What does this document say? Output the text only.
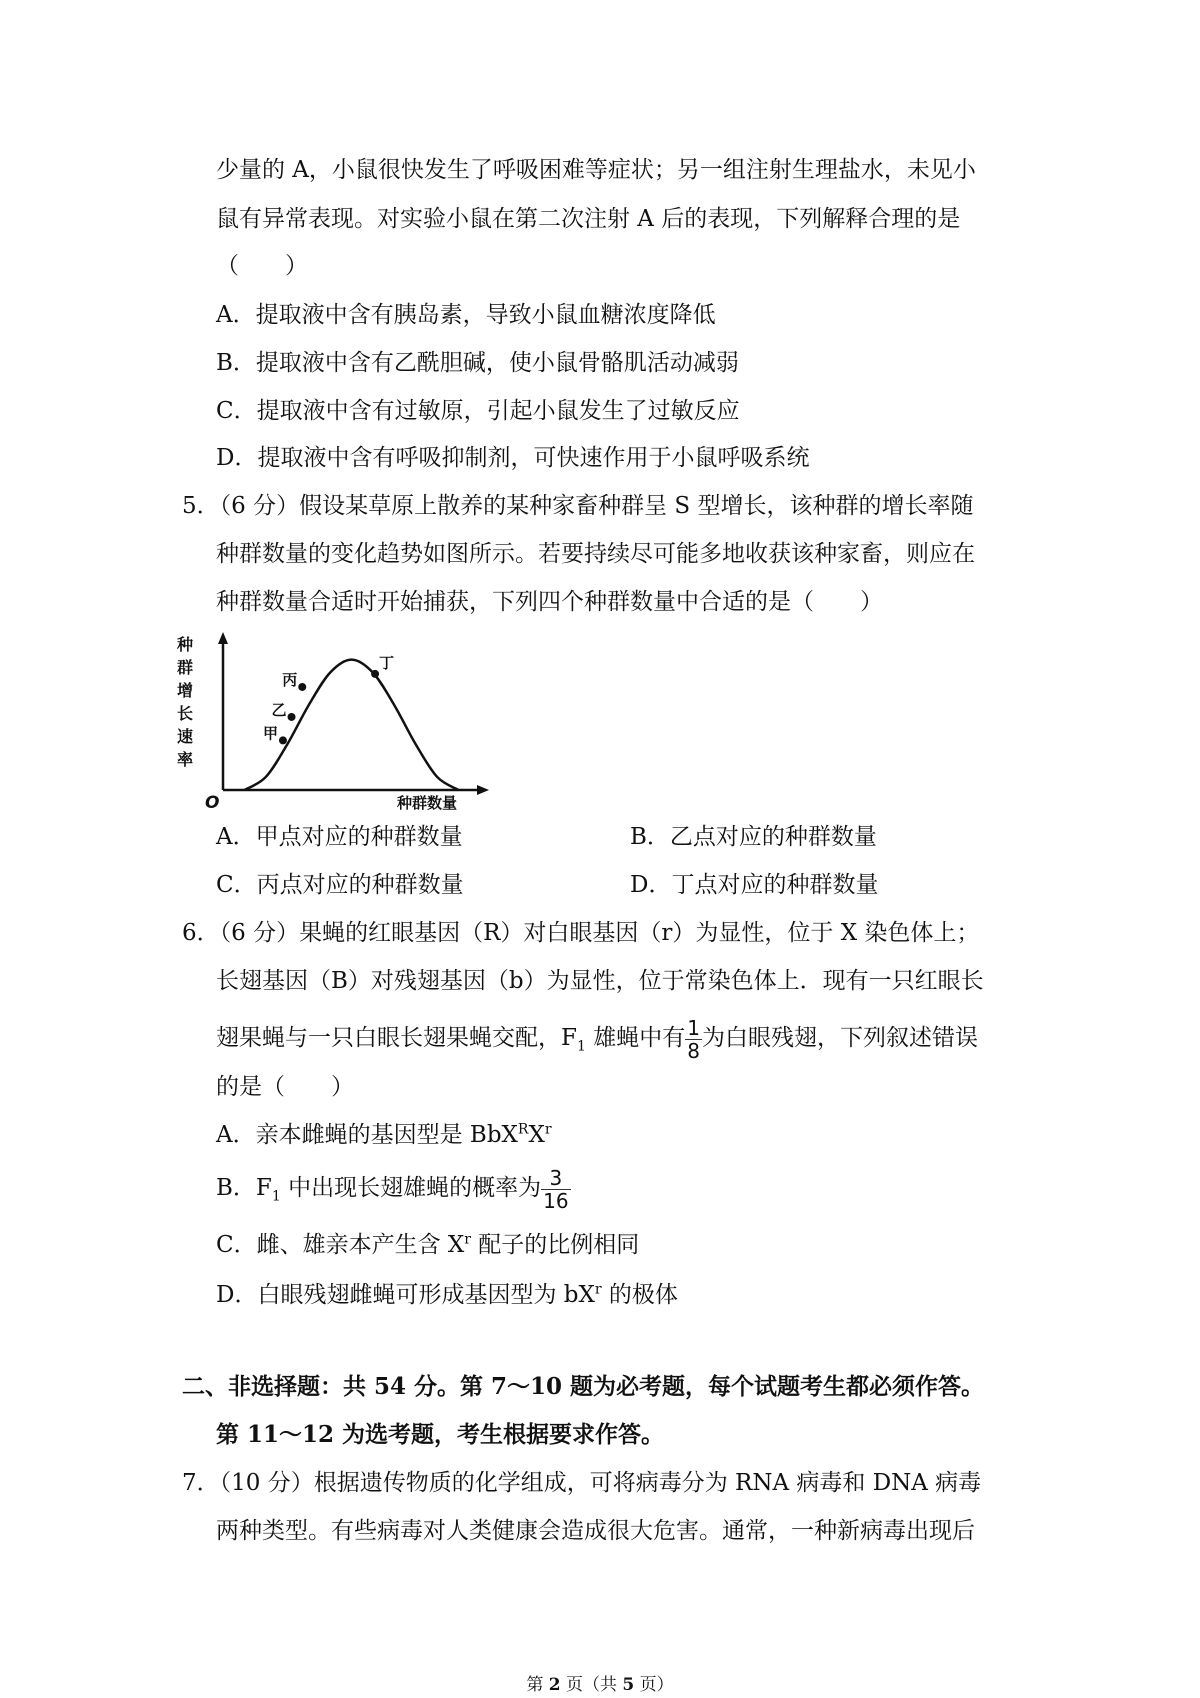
少量的 A，小鼠很快发生了呼吸困难等症状；另一组注射生理盐水，未见小
鼠有异常表现。对实验小鼠在第二次注射 A 后的表现，下列解释合理的是
（　　）
A．提取液中含有胰岛素，导致小鼠血糖浓度降低
B．提取液中含有乙酰胆碱，使小鼠骨骼肌活动减弱
C．提取液中含有过敏原，引起小鼠发生了过敏反应
D．提取液中含有呼吸抑制剂，可快速作用于小鼠呼吸系统
5．（6 分）假设某草原上散养的某种家畜种群呈 S 型增长，该种群的增长率随
种群数量的变化趋势如图所示。若要持续尽可能多地收获该种家畜，则应在
种群数量合适时开始捕获，下列四个种群数量中合适的是（　　）
种
群
增
长
速
率
甲
乙
丙
丁
O	种群数量
A．甲点对应的种群数量	B．乙点对应的种群数量
C．丙点对应的种群数量	D．丁点对应的种群数量
6．（6 分）果蝇的红眼基因（R）对白眼基因（r）为显性，位于 X 染色体上；
长翅基因（B）对残翅基因（b）为显性，位于常染色体上．现有一只红眼长
翅果蝇与一只白眼长翅果蝇交配，$F_1$ 雄蝇中有 $\frac{1}{8}$ 为白眼残翅，下列叙述错误
的是（　　）
A．亲本雌蝇的基因型是 $BbX^RX^r$
B．$F_1$ 中出现长翅雄蝇的概率为 $\frac{3}{16}$
C．雌、雄亲本产生含 $X^r$ 配子的比例相同
D．白眼残翅雌蝇可形成基因型为 $bX^r$ 的极体
二、非选择题：共 54 分。第 7～10 题为必考题，每个试题考生都必须作答。
第 11～12 为选考题，考生根据要求作答。
7．（10 分）根据遗传物质的化学组成，可将病毒分为 RNA 病毒和 DNA 病毒
两种类型。有些病毒对人类健康会造成很大危害。通常，一种新病毒出现后
第 2 页（共 5 页）
